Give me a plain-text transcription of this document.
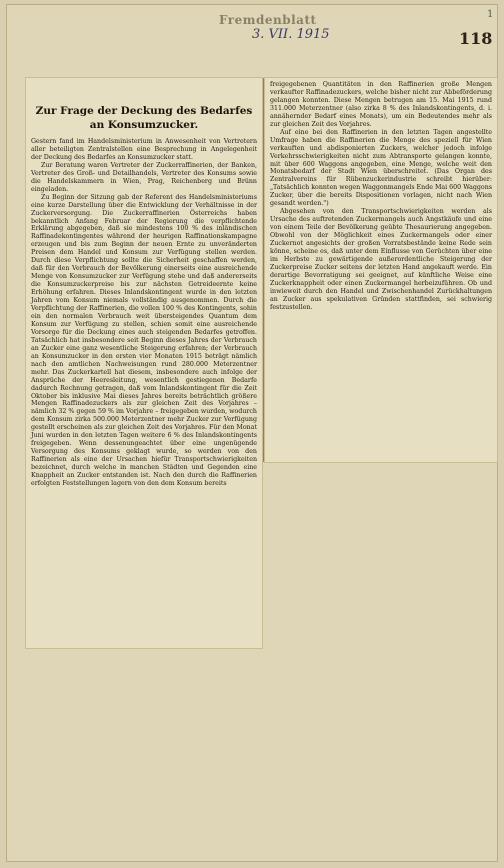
1
Fremdenblatt
3. VII. 1915	118
Zur Frage der Deckung des Bedarfes an Konsumzucker.

Gestern fand im Handelsministerium in Anwesenheit von Vertretern aller beteiligten Zentralstellen eine Besprechung in Angelegenheit der Deckung des Bedarfes an Konsumzucker statt.

Zur Beratung waren Vertreter der Zuckerraffinerien, der Banken, Vertreter des Groß- und Detailhandels, Vertreter des Konsums sowie die Handelskammern in Wien, Prag, Reichenberg und Brünn eingeladen.

Zu Beginn der Sitzung gab der Referent des Handelsministeriums eine kurze Darstellung über die Entwicklung der Verhältnisse in der Zuckerversorgung. Die Zuckerraffinerien Österreichs haben bekanntlich Anfang Februar der Regierung die verpflichtende Erklärung abgegeben, daß sie mindestens 100 % des inländischen Raffinadekontingentes während der heurigen Raffinationskampagne erzeugen und bis zum Beginn der neuen Ernte zu unveränderten Preisen dem Handel und Konsum zur Verfügung stellen werden. Durch diese Verpflichtung sollte die Sicherheit geschaffen werden, daß für den Verbrauch der Bevölkerung einerseits eine ausreichende Menge von Konsumzucker zur Verfügung stehe und daß andererseits die Konsumzuckerpreise bis zur nächsten Getreideernte keine Erhöhung erfahren. Dieses Inlandskontingent wurde in den letzten Jahren vom Konsum niemals vollständig ausgenommen. Durch die Verpflichtung der Raffinerien, die vollen 100 % des Kontingents, sohin ein den normalen Verbrauch weit übersteigendes Quantum dem Konsum zur Verfügung zu stellen, schien somit eine ausreichende Vorsorge für die Deckung eines auch steigenden Bedarfes getroffen. Tatsächlich hat insbesondere seit Beginn dieses Jahres der Verbrauch an Zucker eine ganz wesentliche Steigerung erfahren; der Verbrauch an Konsumzucker in den ersten vier Monaten 1915 beträgt nämlich nach den amtlichen Nachweisungen rund 280.000 Meterzentner mehr. Das Zuckerkartell hat diesem, insbesondere auch infolge der Ansprüche der Heeresleitung, wesentlich gestiegenen Bedarfe dadurch Rechnung getragen, daß vom Inlandskontingent für die Zeit Oktober bis inklusive Mai dieses Jahres bereits beträchtlich größere Mengen Raffinadezuckers als zur gleichen Zeit des Vorjahres – nämlich 32 % gegen 59 % im Vorjahre – freigegeben wurden, wodurch dem Konsum zirka 500.000 Meterzentner mehr Zucker zur Verfügung gestellt erscheinen als zur gleichen Zeit des Vorjahres. Für den Monat Juni wurden in den letzten Tagen weitere 6 % des Inlandskontingents freigegeben. Wenn dessenungeachtet über eine ungenügende Versorgung des Konsums geklagt wurde, so werden von den Raffinerien als eine der Ursachen hiefür Transportschwierigkeiten bezeichnet, durch welche in manchen Städten und Gegenden eine Knappheit an Zucker entstanden ist. Nach den durch die Raffinerien erfolgten Feststellungen lagern von den dem Konsum bereits

freigegebenen Quantitäten in den Raffinerien große Mengen verkaufter Raffinadezuckers, welche bisher nicht zur Abbeförderung gelangen konnten. Diese Mengen betrugen am 15. Mai 1915 rund 311.000 Meterzentner (also zirka 8 % des Inlandskontingents, d. i. annähernder Bedarf eines Monats), um ein Bedeutendes mehr als zur gleichen Zeit des Vorjahres.

Auf eine bei den Raffinerien in den letzten Tagen angestellte Umfrage haben die Raffinerien die Menge des speziell für Wien verkauften und abdisponierten Zuckers, welcher jedoch infolge Verkehrsschwierigkeiten nicht zum Abtransporte gelangen konnte, mit über 600 Waggons angegeben, eine Menge, welche weit den Monatsbedarf der Stadt Wien überschreitet. (Das Organ des Zentralvereins für Rübenzuckerindustrie schreibt hierüber: „Tatsächlich konnten wegen Waggonmangels Ende Mai 600 Waggons Zucker, über die bereits Dispositionen vorlagen, nicht nach Wien gesandt werden.")

Abgesehen von den Transportschwierigkeiten werden als Ursache des auftretenden Zuckermangels auch Angstkäufe und eine von einem Teile der Bevölkerung geübte Thesaurierung angegeben. Obwohl von der Möglichkeit eines Zuckermangels oder einer Zuckernot angesichts der großen Vorratsbestände keine Rede sein könne, scheine es, daß unter dem Einflusse von Gerüchten über eine im Herbste zu gewärtigende außerordentliche Steigerung der Zuckerpreise Zucker seitens der letzten Hand angekauft werde. Ein derartige Bevorratigung sei geeignet, auf künftliche Weise eine Zuckerknappheit oder einen Zuckermangel herbeizuführen. Ob und inwieweit durch den Handel und Zwischenhandel Zurückhaltungen an Zucker aus spekulativen Gründen stattfinden, sei schwierig festzustellen.
